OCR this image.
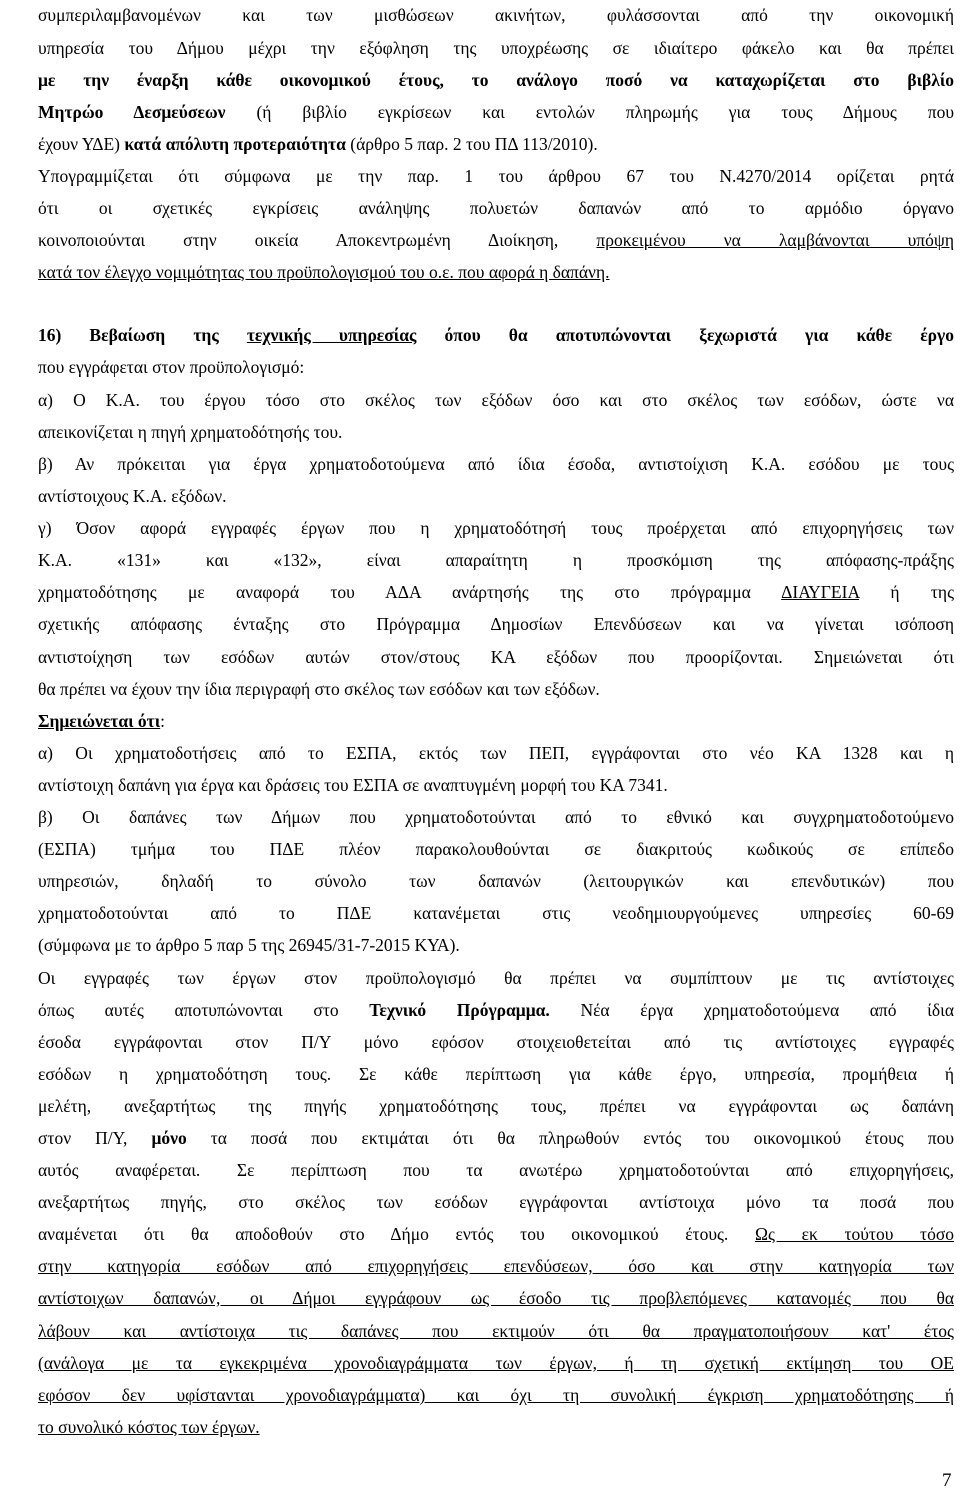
συμπεριλαμβανομένων και των μισθώσεων ακινήτων, φυλάσσονται από την οικονομική
υπηρεσία του Δήμου μέχρι την εξόφληση της υποχρέωσης σε ιδιαίτερο φάκελο και θα πρέπει
με την έναρξη κάθε οικονομικού έτους, το ανάλογο ποσό να καταχωρίζεται στο βιβλίο
Μητρώο Δεσμεύσεων (ή βιβλίο εγκρίσεων και εντολών πληρωμής για τους Δήμους που
έχουν ΥΔΕ) κατά απόλυτη προτεραιότητα (άρθρο 5 παρ. 2 του ΠΔ 113/2010).
Υπογραμμίζεται ότι σύμφωνα με την παρ. 1 του άρθρου 67 του Ν.4270/2014 ορίζεται ρητά
ότι οι σχετικές εγκρίσεις ανάληψης πολυετών δαπανών από το αρμόδιο όργανο
κοινοποιούνται στην οικεία Αποκεντρωμένη Διοίκηση, προκειμένου να λαμβάνονται υπόψη
κατά τον έλεγχο νομιμότητας του προϋπολογισμού του ο.ε. που αφορά η δαπάνη.
16) Βεβαίωση της τεχνικής υπηρεσίας όπου θα αποτυπώνονται ξεχωριστά για κάθε έργο
που εγγράφεται στον προϋπολογισμό:
α) Ο Κ.Α. του έργου τόσο στο σκέλος των εξόδων όσο και στο σκέλος των εσόδων, ώστε να
απεικονίζεται η πηγή χρηματοδότησής του.
β) Αν πρόκειται για έργα χρηματοδοτούμενα από ίδια έσοδα, αντιστοίχιση Κ.Α. εσόδου με τους
αντίστοιχους Κ.Α. εξόδων.
γ) Όσον αφορά εγγραφές έργων που η χρηματοδότησή τους προέρχεται από επιχορηγήσεις των
Κ.Α. «131» και «132», είναι απαραίτητη η προσκόμιση της απόφασης-πράξης
χρηματοδότησης με αναφορά του ΑΔΑ ανάρτησής της στο πρόγραμμα ΔΙΑΥΓΕΙΑ ή της
σχετικής απόφασης ένταξης στο Πρόγραμμα Δημοσίων Επενδύσεων και να γίνεται ισόποση
αντιστοίχηση των εσόδων αυτών στον/στους ΚΑ εξόδων που προορίζονται. Σημειώνεται ότι
θα πρέπει να έχουν την ίδια περιγραφή στο σκέλος των εσόδων και των εξόδων.
Σημειώνεται ότι:
α) Οι χρηματοδοτήσεις από το ΕΣΠΑ, εκτός των ΠΕΠ, εγγράφονται στο νέο ΚΑ 1328 και η
αντίστοιχη δαπάνη για έργα και δράσεις του ΕΣΠΑ σε αναπτυγμένη μορφή του ΚΑ 7341.
β) Οι δαπάνες των Δήμων που χρηματοδοτούνται από το εθνικό και συγχρηματοδοτούμενο
(ΕΣΠΑ) τμήμα του ΠΔΕ πλέον παρακολουθούνται σε διακριτούς κωδικούς σε επίπεδο
υπηρεσιών, δηλαδή το σύνολο των δαπανών (λειτουργικών και επενδυτικών) που
χρηματοδοτούνται από το ΠΔΕ κατανέμεται στις νεοδημιουργούμενες υπηρεσίες 60-69
(σύμφωνα με το άρθρο 5 παρ 5 της 26945/31-7-2015 ΚΥΑ).
Οι εγγραφές των έργων στον προϋπολογισμό θα πρέπει να συμπίπτουν με τις αντίστοιχες
όπως αυτές αποτυπώνονται στο Τεχνικό Πρόγραμμα. Νέα έργα χρηματοδοτούμενα από ίδια
έσοδα εγγράφονται στον Π/Υ μόνο εφόσον στοιχειοθετείται από τις αντίστοιχες εγγραφές
εσόδων η χρηματοδότηση τους. Σε κάθε περίπτωση για κάθε έργο, υπηρεσία, προμήθεια ή
μελέτη, ανεξαρτήτως της πηγής χρηματοδότησης τους, πρέπει να εγγράφονται ως δαπάνη
στον Π/Υ, μόνο τα ποσά που εκτιμάται ότι θα πληρωθούν εντός του οικονομικού έτους που
αυτός αναφέρεται. Σε περίπτωση που τα ανωτέρω χρηματοδοτούνται από επιχορηγήσεις,
ανεξαρτήτως πηγής, στο σκέλος των εσόδων εγγράφονται αντίστοιχα μόνο τα ποσά που
αναμένεται ότι θα αποδοθούν στο Δήμο εντός του οικονομικού έτους. Ως εκ τούτου τόσο
στην κατηγορία εσόδων από επιχορηγήσεις επενδύσεων, όσο και στην κατηγορία των
αντίστοιχων δαπανών, οι Δήμοι εγγράφουν ως έσοδο τις προβλεπόμενες κατανομές που θα
λάβουν και αντίστοιχα τις δαπάνες που εκτιμούν ότι θα πραγματοποιήσουν κατ' έτος
(ανάλογα με τα εγκεκριμένα χρονοδιαγράμματα των έργων, ή τη σχετική εκτίμηση του ΟΕ
εφόσον δεν υφίστανται χρονοδιαγράμματα) και όχι τη συνολική έγκριση χρηματοδότησης ή
το συνολικό κόστος των έργων.
7
